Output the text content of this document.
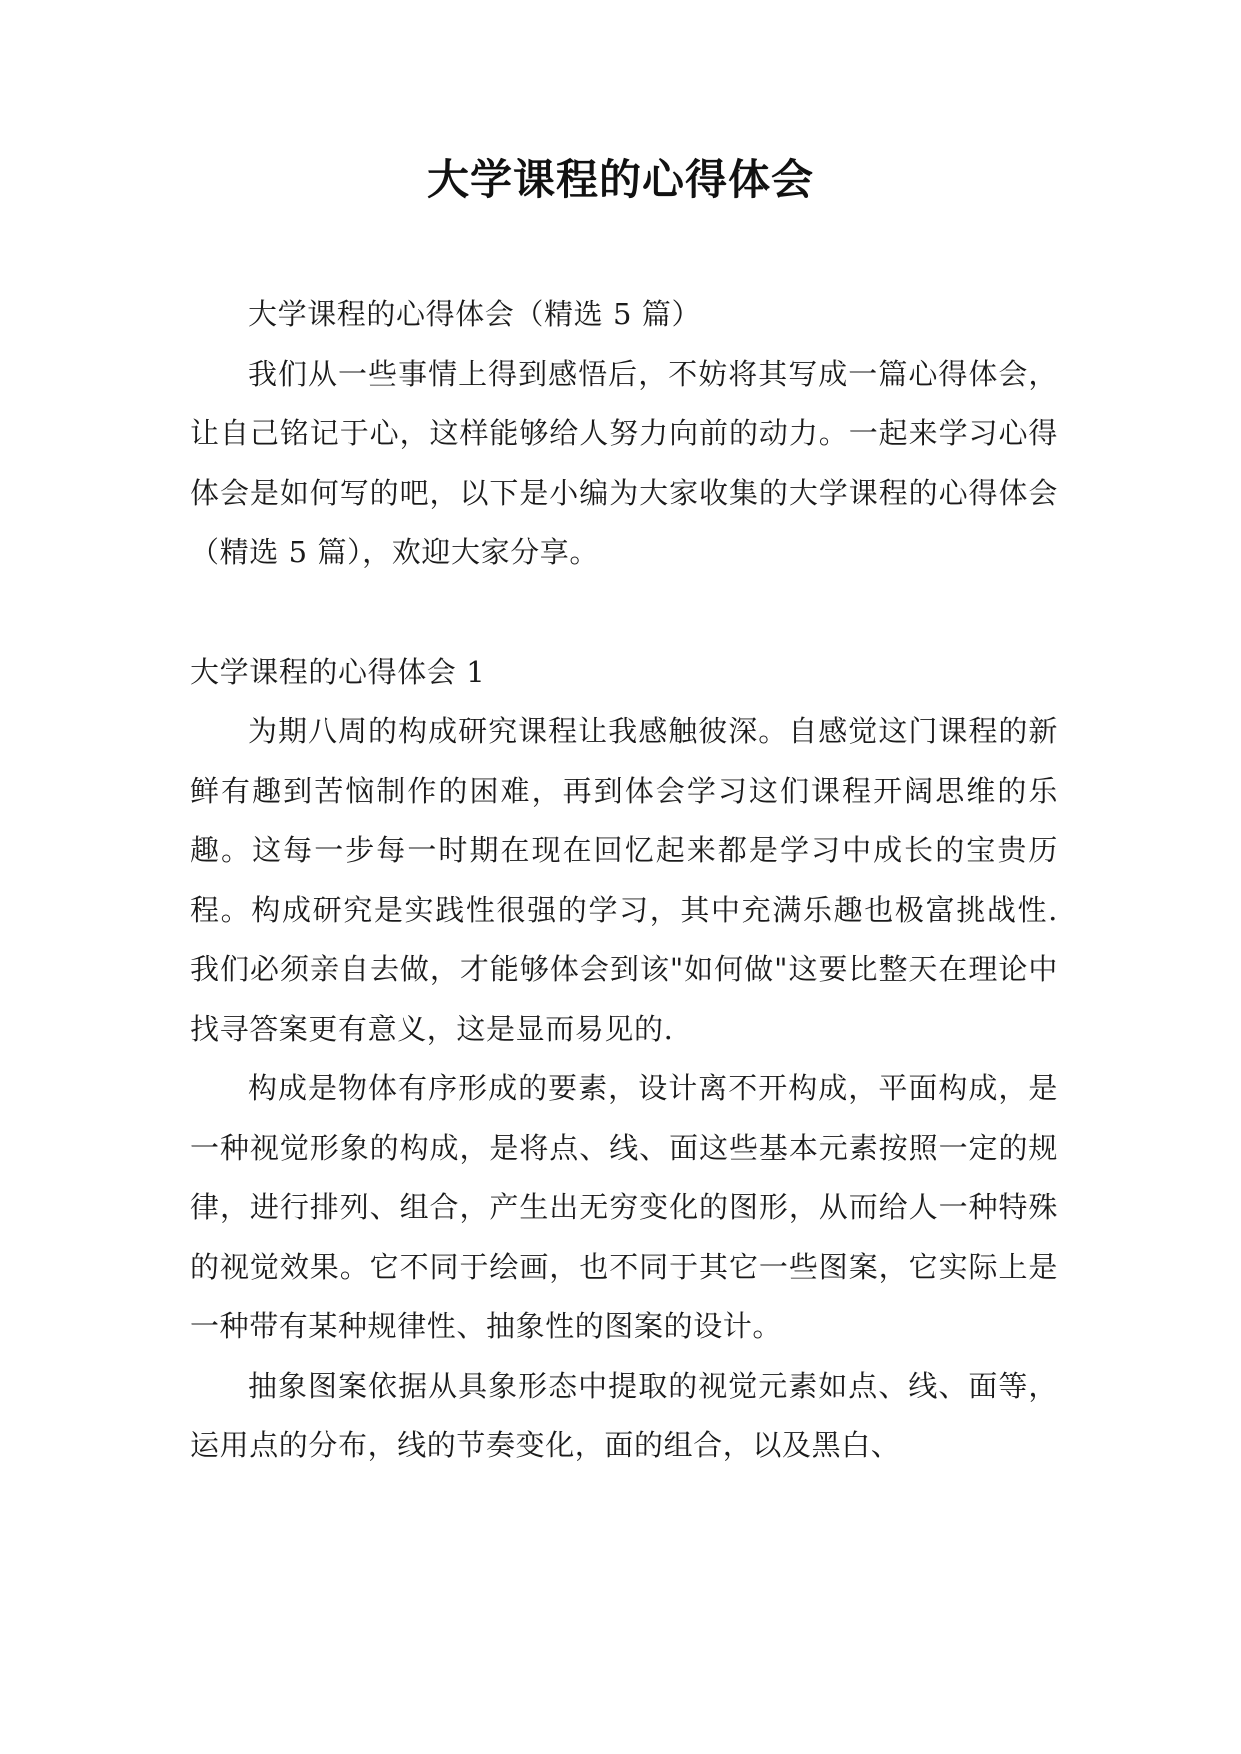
大学课程的心得体会

大学课程的心得体会（精选 5 篇）

我们从一些事情上得到感悟后，不妨将其写成一篇心得体会，让自己铭记于心，这样能够给人努力向前的动力。一起来学习心得体会是如何写的吧，以下是小编为大家收集的大学课程的心得体会（精选 5 篇），欢迎大家分享。

大学课程的心得体会 1

为期八周的构成研究课程让我感触彼深。自感觉这门课程的新鲜有趣到苦恼制作的困难，再到体会学习这们课程开阔思维的乐趣。这每一步每一时期在现在回忆起来都是学习中成长的宝贵历程。构成研究是实践性很强的学习，其中充满乐趣也极富挑战性.我们必须亲自去做，才能够体会到该"如何做"这要比整天在理论中找寻答案更有意义，这是显而易见的.

构成是物体有序形成的要素，设计离不开构成，平面构成，是一种视觉形象的构成，是将点、线、面这些基本元素按照一定的规律，进行排列、组合，产生出无穷变化的图形，从而给人一种特殊的视觉效果。它不同于绘画，也不同于其它一些图案，它实际上是一种带有某种规律性、抽象性的图案的设计。

抽象图案依据从具象形态中提取的视觉元素如点、线、面等，运用点的分布，线的节奏变化，面的组合，以及黑白、
